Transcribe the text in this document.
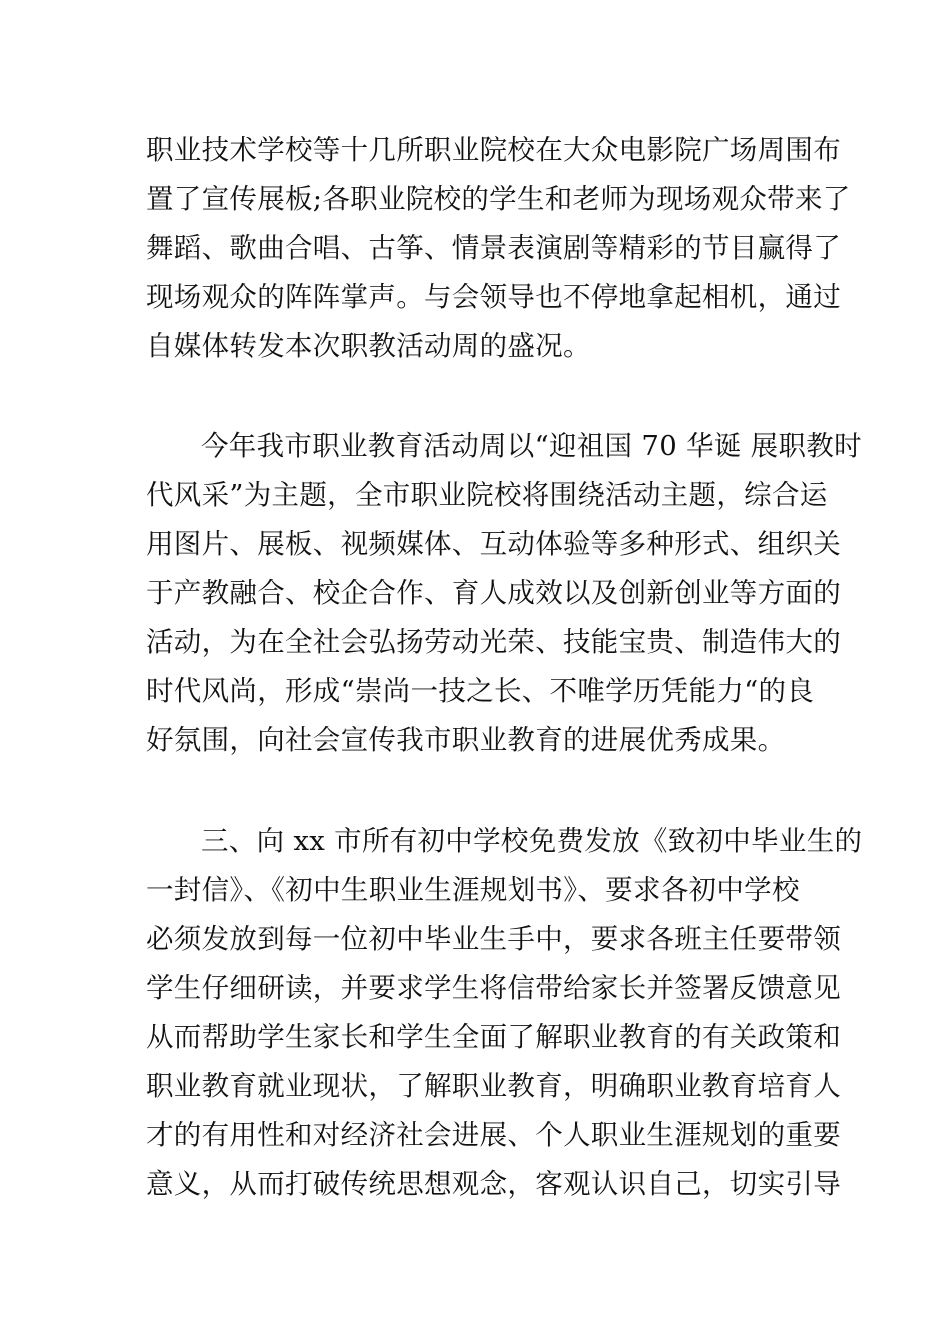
职业技术学校等十几所职业院校在大众电影院广场周围布
置了宣传展板;各职业院校的学生和老师为现场观众带来了
舞蹈、歌曲合唱、古筝、情景表演剧等精彩的节目赢得了
现场观众的阵阵掌声。与会领导也不停地拿起相机，通过
自媒体转发本次职教活动周的盛况。

今年我市职业教育活动周以“迎祖国 70 华诞 展职教时
代风采”为主题，全市职业院校将围绕活动主题，综合运
用图片、展板、视频媒体、互动体验等多种形式、组织关
于产教融合、校企合作、育人成效以及创新创业等方面的
活动，为在全社会弘扬劳动光荣、技能宝贵、制造伟大的
时代风尚，形成“崇尚一技之长、不唯学历凭能力“的良
好氛围，向社会宣传我市职业教育的进展优秀成果。

三、向 xx 市所有初中学校免费发放《致初中毕业生的
一封信》、《初中生职业生涯规划书》、要求各初中学校
必须发放到每一位初中毕业生手中，要求各班主任要带领
学生仔细研读，并要求学生将信带给家长并签署反馈意见
从而帮助学生家长和学生全面了解职业教育的有关政策和
职业教育就业现状，了解职业教育，明确职业教育培育人
才的有用性和对经济社会进展、个人职业生涯规划的重要
意义，从而打破传统思想观念，客观认识自己，切实引导
